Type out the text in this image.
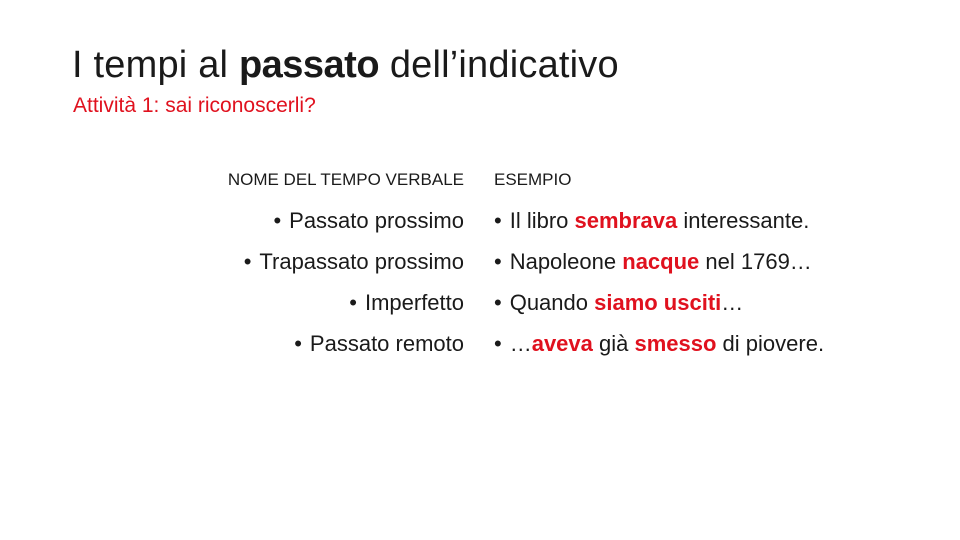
I tempi al passato dell’indicativo
Attività 1: sai riconoscerli?
NOME DEL TEMPO VERBALE ESEMPIO
• Passato prossimo
• Trapassato prossimo
• Imperfetto
• Passato remoto
• Il libro sembrava interessante.
• Napoleone nacque nel 1769…
• Quando siamo usciti…
• …aveva già smesso di piovere.
